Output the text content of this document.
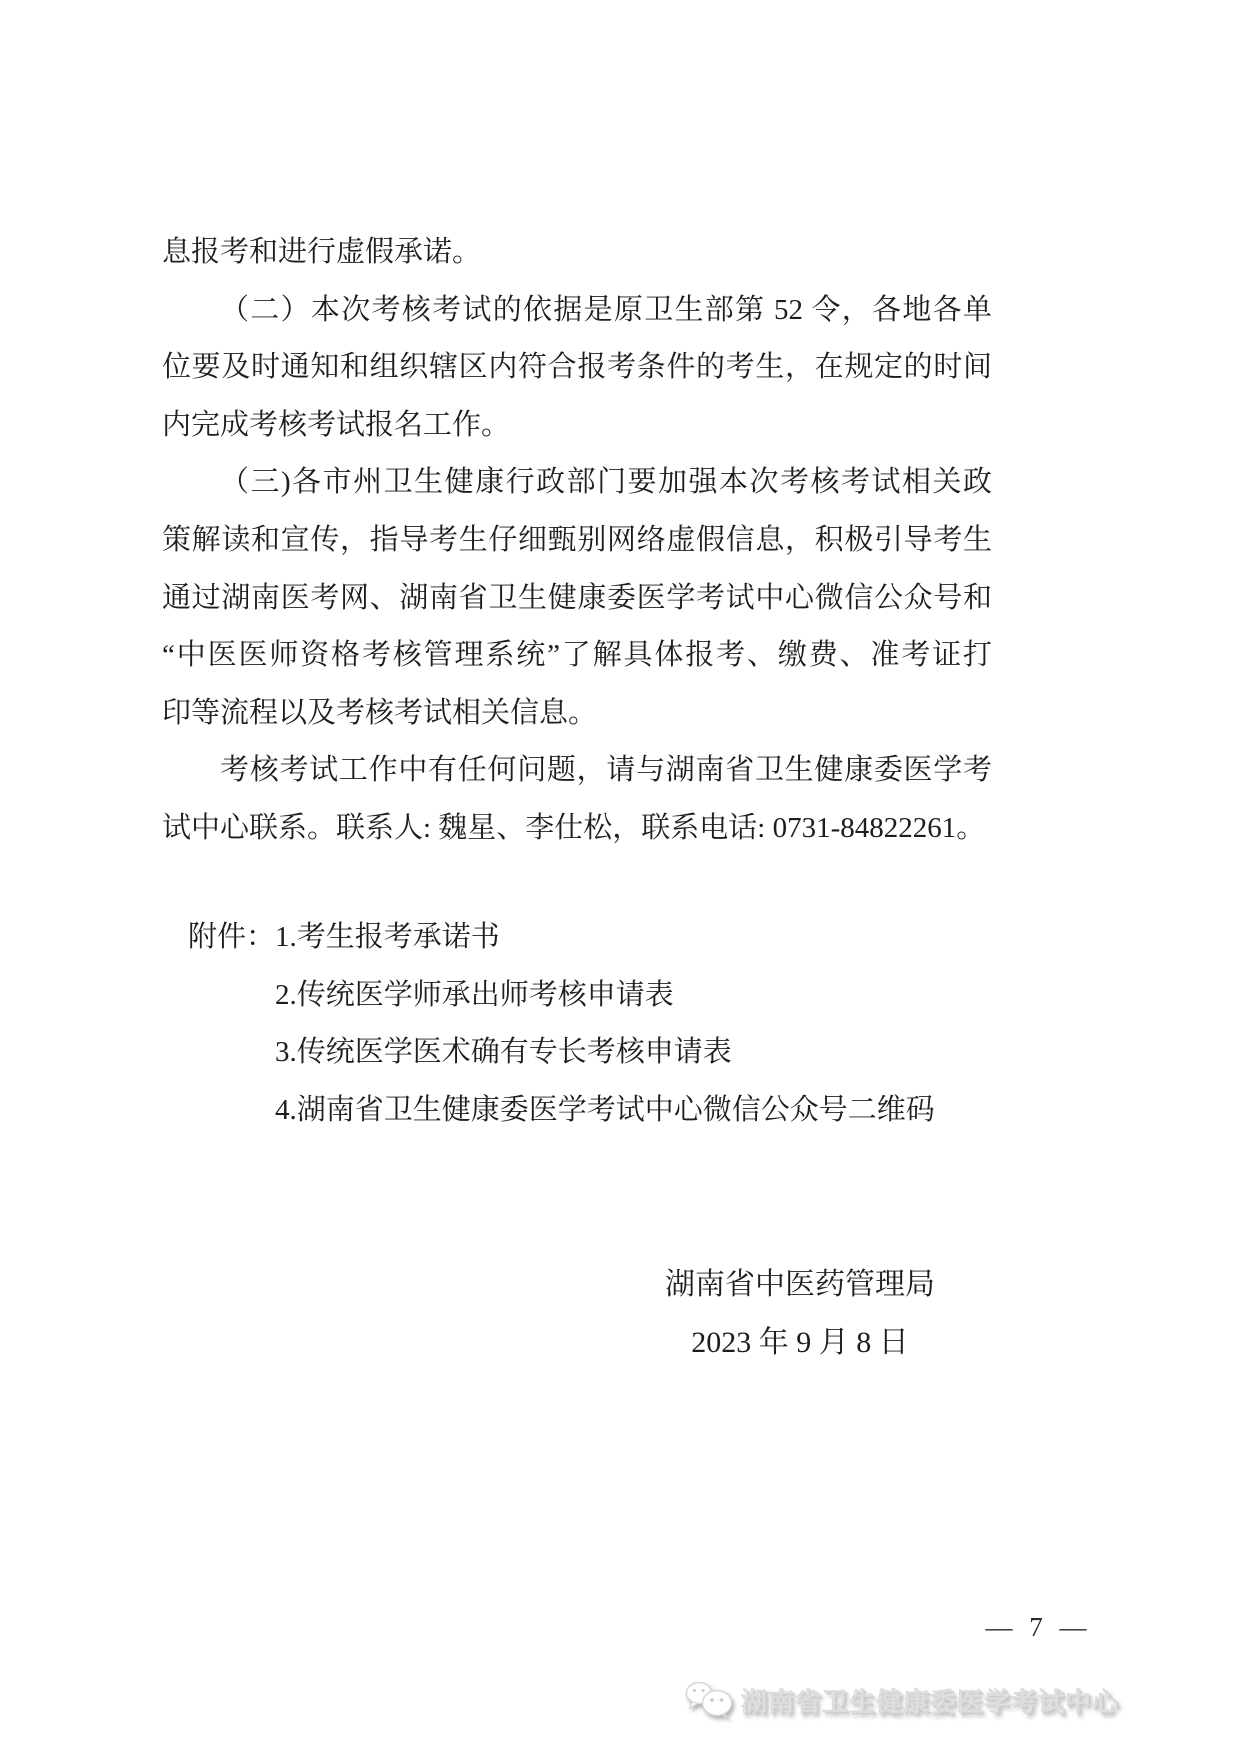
息报考和进行虚假承诺。
（二）本次考核考试的依据是原卫生部第 52 令，各地各单
位要及时通知和组织辖区内符合报考条件的考生，在规定的时间
内完成考核考试报名工作。
（三)各市州卫生健康行政部门要加强本次考核考试相关政
策解读和宣传，指导考生仔细甄别网络虚假信息，积极引导考生
通过湖南医考网、湖南省卫生健康委医学考试中心微信公众号和
“中医医师资格考核管理系统”了解具体报考、缴费、准考证打
印等流程以及考核考试相关信息。
考核考试工作中有任何问题，请与湖南省卫生健康委医学考
试中心联系。联系人: 魏星、李仕松，联系电话: 0731-84822261。
附件： 1.考生报考承诺书
2.传统医学师承出师考核申请表
3.传统医学医术确有专长考核申请表
4.湖南省卫生健康委医学考试中心微信公众号二维码
湖南省中医药管理局
2023 年 9 月 8 日
— 7 —
湖南省卫生健康委医学考试中心
